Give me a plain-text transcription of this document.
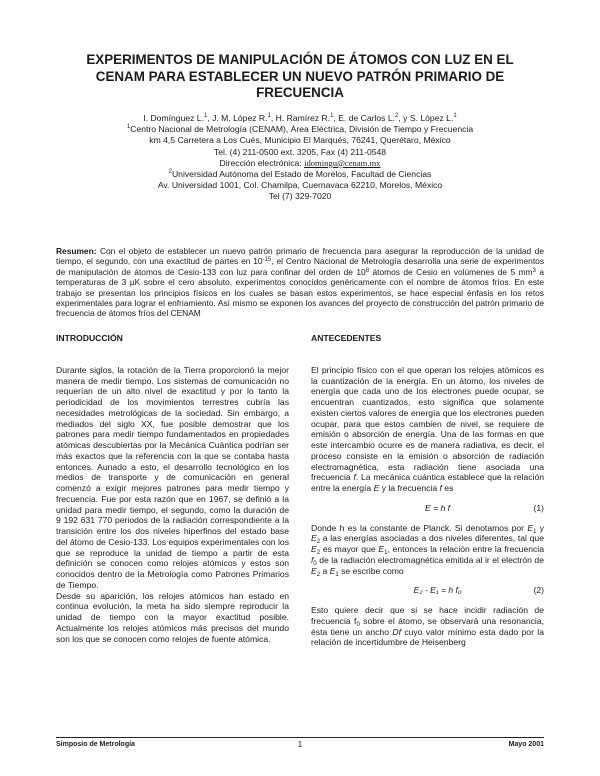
EXPERIMENTOS DE MANIPULACIÓN DE ÁTOMOS CON LUZ EN EL CENAM PARA ESTABLECER UN NUEVO PATRÓN PRIMARIO DE FRECUENCIA
I. Domínguez L.$^1$, J. M. López R.$^1$, H. Ramírez R.$^1$, E. de Carlos L.$^2$, y S. López L.$^1$
$^1$Centro Nacional de Metrología (CENAM), Área Eléctrica, División de Tiempo y Frecuencia
km 4,5 Carretera a Los Cués, Municipio El Marqués, 76241, Querétaro, México
Tel. (4) 211-0500 ext. 3205, Fax (4) 211-0548
Dirección electrónica: idomingu@cenam.mx
$^2$Universidad Autónoma del Estado de Morelos, Facultad de Ciencias
Av. Universidad 1001, Col. Chamilpa, Cuernavaca 62210, Morelos, México
Tel (7) 329-7020

Resumen: Con el objeto de establecer un nuevo patrón primario de frecuencia para asegurar la reproducción de la unidad de tiempo, el segundo, con una exactitud de partes en $10^{-15}$, el Centro Nacional de Metrología desarrolla una serie de experimentos de manipulación de átomos de Cesio-133 con luz para confinar del orden de $10^8$ átomos de Cesio en volúmenes de 5 $mm^3$ a temperaturas de 3 µK sobre el cero absoluto, experimentos conocidos genéricamente con el nombre de átomos fríos. En este trabajo se presentan los principios físicos en los cuales se basan estos experimentos, se hace especial énfasis en los retos experimentales para lograr el enfriamiento. Así mismo se exponen los avances del proyecto de construcción del patrón primario de frecuencia de átomos fríos del CENAM

INTRODUCCIÓN

Durante siglos, la rotación de la Tierra proporcionó la mejor manera de medir tiempo. Los sistemas de comunicación no requerían de un alto nivel de exactitud y por lo tanto la periodicidad de los movimientos terrestres cubría las necesidades metrológicas de la sociedad. Sin embargo, a mediados del siglo XX, fue posible demostrar que los patrones para medir tiempo fundamentados en propiedades atómicas descubiertas por la Mecánica Cuántica podrían ser más exactos que la referencia con la que se contaba hasta entonces. Aunado a esto, el desarrollo tecnológico en los medios de transporte y de comunicación en general comenzó a exigir mejores patrones para medir tiempo y frecuencia. Fue por esta razón que en 1967, se definió a la unidad para medir tiempo, el segundo, como la duración de 9 192 631 770 periodos de la radiación correspondiente a la transición entre los dos niveles hiperfinos del estado base del átomo de Cesio-133. Los equipos experimentales con los que se reproduce la unidad de tiempo a partir de esta definición se conocen como relojes atómicos y estos son conocidos dentro de la Metrología como Patrones Primarios de Tiempo.

Desde su aparición, los relojes atómicos han estado en continua evolución, la meta ha sido siempre reproducir la unidad de tiempo con la mayor exactitud posible. Actualmente los relojes atómicos más precisos del mundo son los que se conocen como relojes de fuente atómica.

ANTECEDENTES

El principio físico con el que operan los relojes atómicos es la cuantización de la energía. En un átomo, los niveles de energía que cada uno de los electrones puede ocupar, se encuentran cuantizados, esto significa que solamente existen ciertos valores de energía que los electrones pueden ocupar, para que estos cambien de nivel, se requiere de emisión o absorción de energía. Una de las formas en que este intercambio ocurre es de manera radiativa, es decir, el proceso consiste en la emisión o absorción de radiación electromagnética, esta radiación tiene asociada una frecuencia f. La mecánica cuántica establece que la relación entre la energía E y la frecuencia f es

E = h f	(1)

Donde h es la constante de Planck. Si denotamos por $E_1$ y $E_2$ a las energías asociadas a dos niveles diferentes, tal que $E_2$ es mayor que $E_1$, entonces la relación entre la frecuencia $f_0$ de la radiación electromagnética emitida al ir el electrón de $E_2$ a $E_1$ se escribe como

E₂ - E₁ = h f₀	(2)

Esto quiere decir que si se hace incidir radiación de frecuencia $f_0$ sobre el átomo, se observará una resonancia, ésta tiene un ancho Df cuyo valor mínimo esta dado por la relación de incertidumbre de Heisenberg

Simposio de Metrología	1	Mayo 2001
